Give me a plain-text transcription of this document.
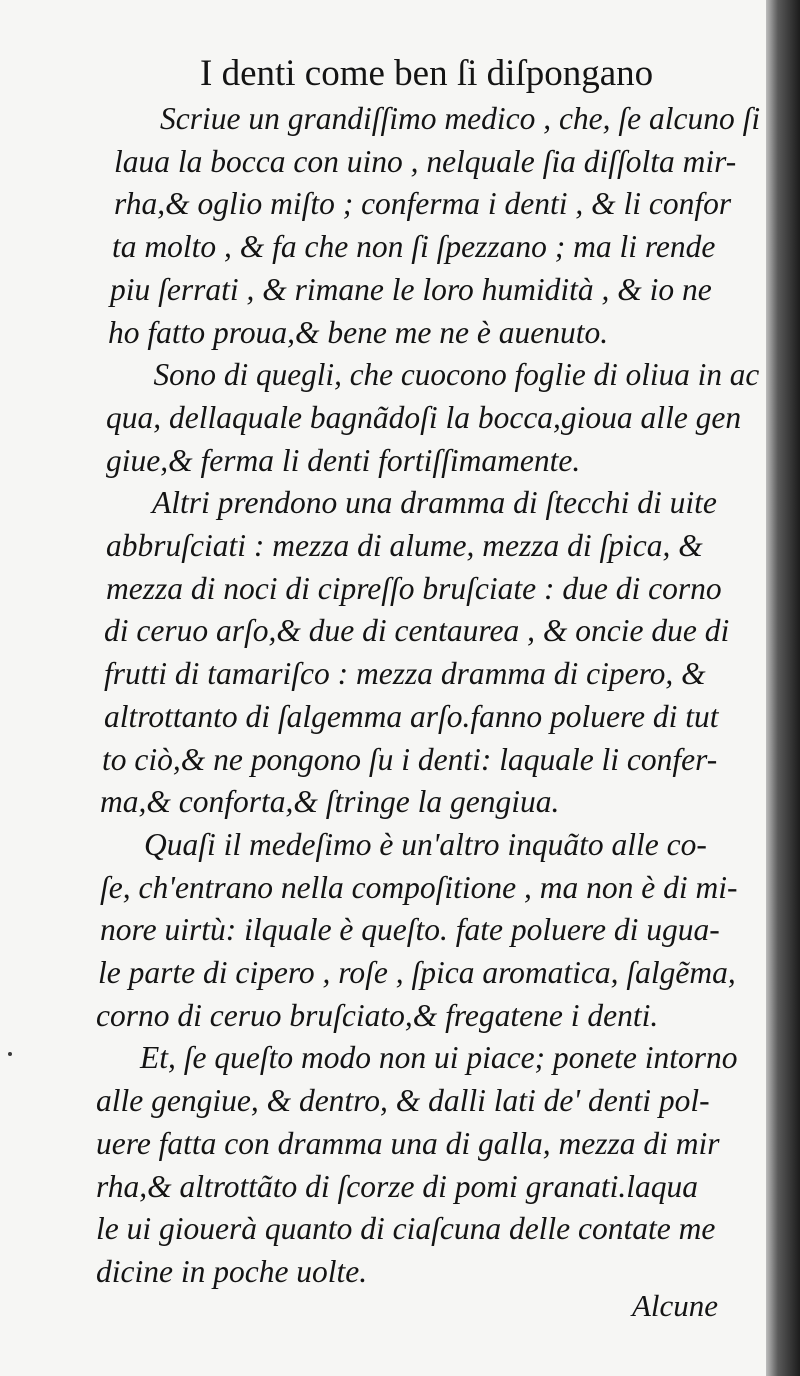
I denti come ben ſi diſpongano

Scriue un grandiſſimo medico , che, ſe alcuno ſi
laua la bocca con uino , nelquale ſia diſſolta mir-
rha,& oglio miſto ; conferma i denti , & li confor
ta molto , & fa che non ſi ſpezzano ; ma li rende
piu ſerrati , & rimane le loro humidità , & io ne
ho fatto proua,& bene me ne è auenuto.

Sono di quegli, che cuocono foglie di oliua in ac
qua, dellaquale bagnãdoſi la bocca,gioua alle gen
giue,& ferma li denti fortiſſimamente.

Altri prendono una dramma di ſtecchi di uite
abbruſciati : mezza di alume, mezza di ſpica, &
mezza di noci di cipreſſo bruſciate : due di corno
di ceruo arſo,& due di centaurea , & oncie due di
frutti di tamariſco : mezza dramma di cipero, &
altrottanto di ſalgemma arſo.fanno poluere di tut
to ciò,& ne pongono ſu i denti: laquale li confer-
ma,& conforta,& ſtringe la gengiua.

Quaſi il medeſimo è un'altro inquãto alle co-
ſe, ch'entrano nella compoſitione , ma non è di mi-
nore uirtù: ilquale è queſto. fate poluere di ugua-
le parte di cipero , roſe , ſpica aromatica, ſalgẽma,
corno di ceruo bruſciato,& fregatene i denti.

Et, ſe queſto modo non ui piace; ponete intorno
alle gengiue, & dentro, & dalli lati de' denti pol-
uere fatta con dramma una di galla, mezza di mir
rha,& altrottãto di ſcorze di pomi granati.laqua
le ui giouerà quanto di ciaſcuna delle contate me
dicine in poche uolte.

Alcune
